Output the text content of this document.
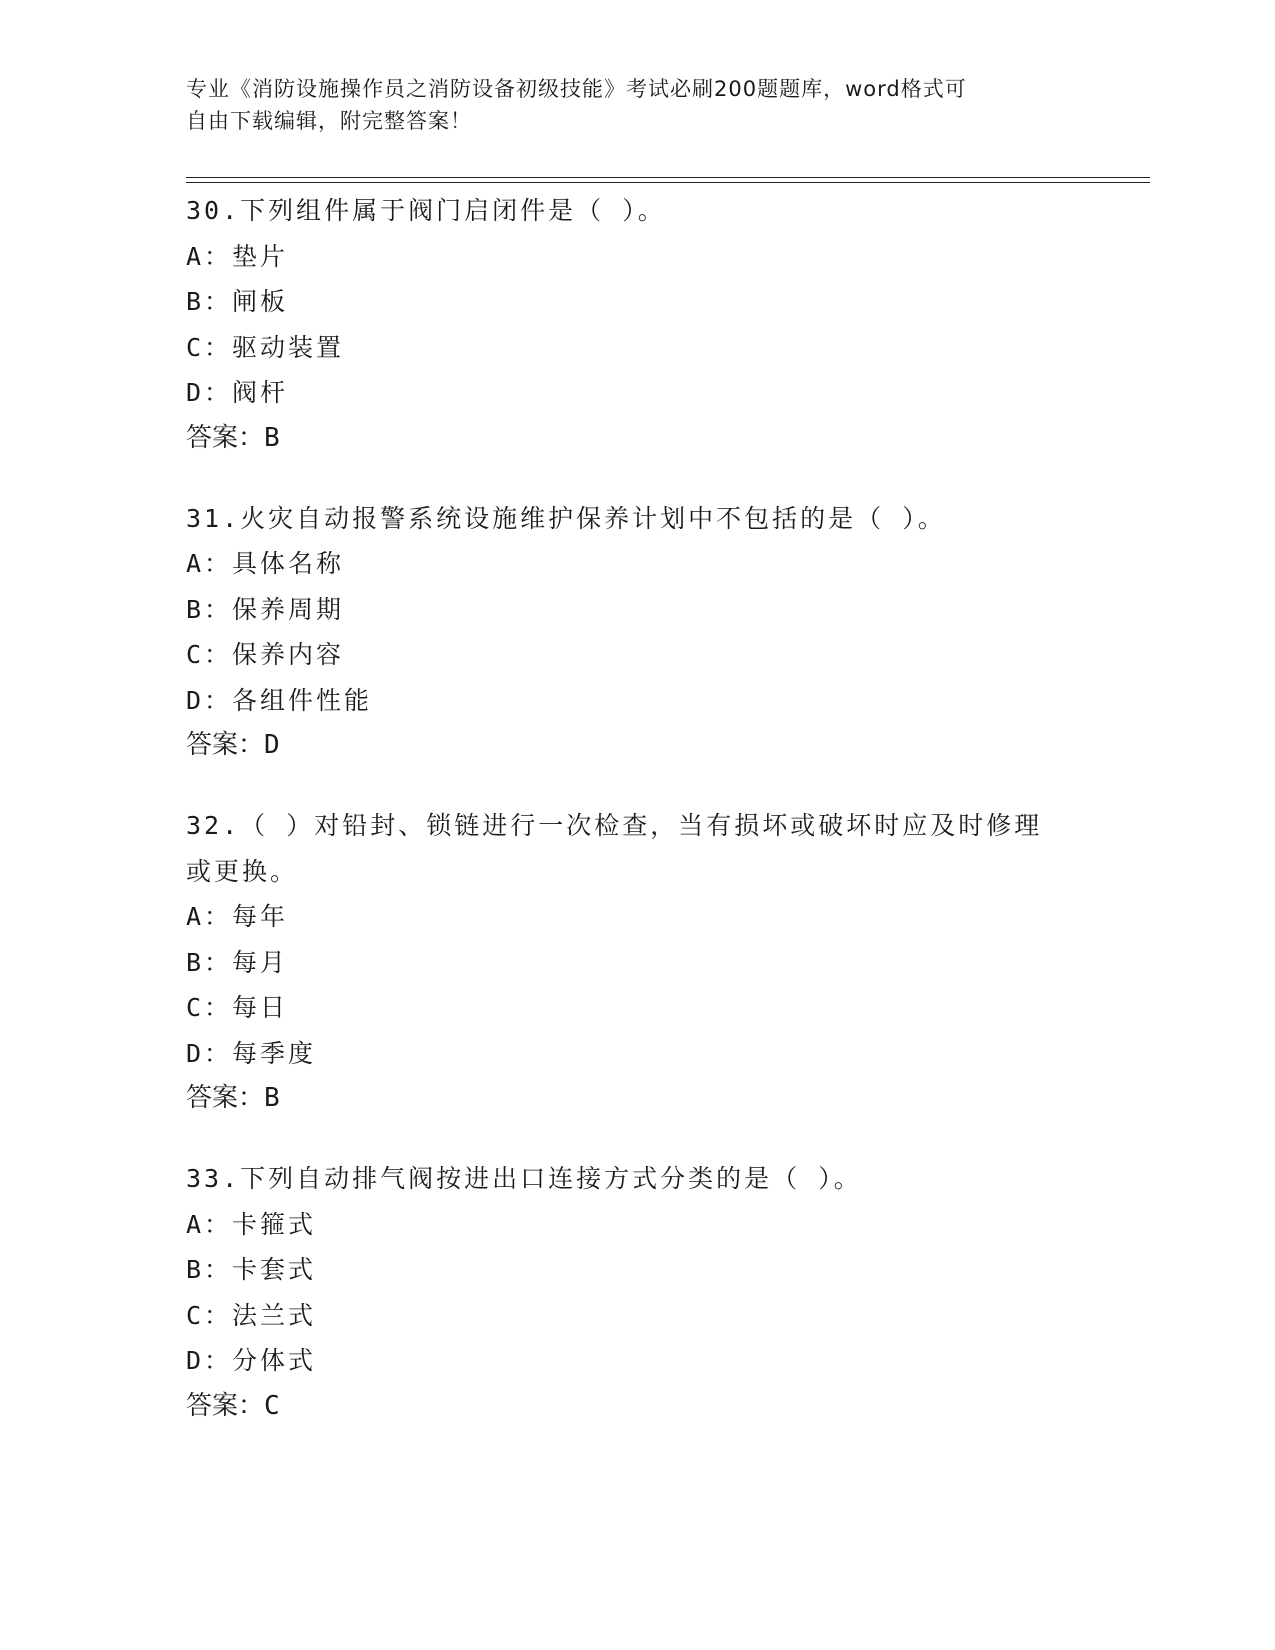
专业《消防设施操作员之消防设备初级技能》考试必刷200题题库，word格式可
自由下载编辑，附完整答案！
30.下列组件属于阀门启闭件是（ ）。
A：垫片
B：闸板
C：驱动装置
D：阀杆
答案：B
31.火灾自动报警系统设施维护保养计划中不包括的是（ ）。
A：具体名称
B：保养周期
C：保养内容
D：各组件性能
答案：D
32.（ ）对铅封、锁链进行一次检查，当有损坏或破坏时应及时修理
或更换。
A：每年
B：每月
C：每日
D：每季度
答案：B
33.下列自动排气阀按进出口连接方式分类的是（ ）。
A：卡箍式
B：卡套式
C：法兰式
D：分体式
答案：C
